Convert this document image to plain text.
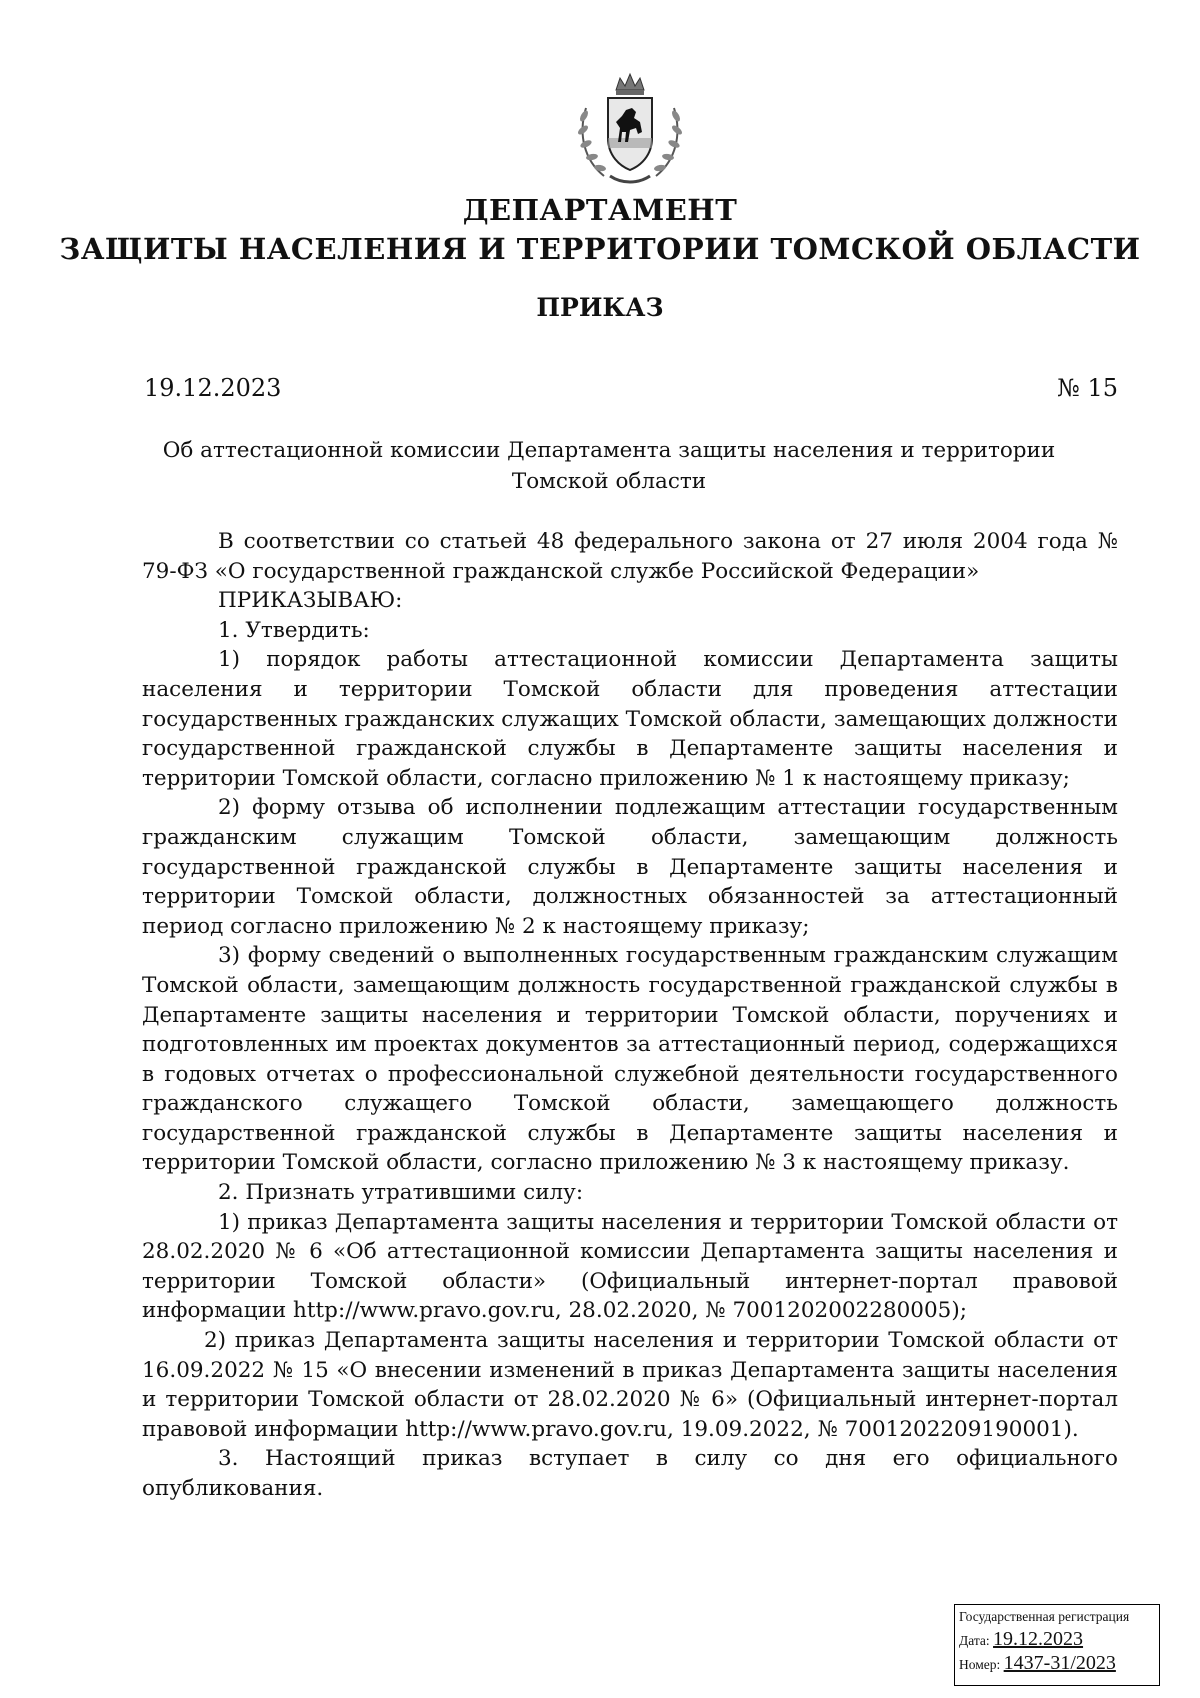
ДЕПАРТАМЕНТ
ЗАЩИТЫ НАСЕЛЕНИЯ И ТЕРРИТОРИИ ТОМСКОЙ ОБЛАСТИ
ПРИКАЗ
19.12.2023	№ 15
Об аттестационной комиссии Департамента защиты населения и территории Томской области

В соответствии со статьей 48 федерального закона от 27 июля 2004 года № 79-ФЗ «О государственной гражданской службе Российской Федерации»

ПРИКАЗЫВАЮ:

1. Утвердить:

1) порядок работы аттестационной комиссии Департамента защиты населения и территории Томской области для проведения аттестации государственных гражданских служащих Томской области, замещающих должности государственной гражданской службы в Департаменте защиты населения и территории Томской области, согласно приложению № 1 к настоящему приказу;

2) форму отзыва об исполнении подлежащим аттестации государственным гражданским служащим Томской области, замещающим должность государственной гражданской службы в Департаменте защиты населения и территории Томской области, должностных обязанностей за аттестационный период согласно приложению № 2 к настоящему приказу;

3) форму сведений о выполненных государственным гражданским служащим Томской области, замещающим должность государственной гражданской службы в Департаменте защиты населения и территории Томской области, поручениях и подготовленных им проектах документов за аттестационный период, содержащихся в годовых отчетах о профессиональной служебной деятельности государственного гражданского служащего Томской области, замещающего должность государственной гражданской службы в Департаменте защиты населения и территории Томской области, согласно приложению № 3 к настоящему приказу.

2. Признать утратившими силу:

1) приказ Департамента защиты населения и территории Томской области от 28.02.2020 № 6 «Об аттестационной комиссии Департамента защиты населения и территории Томской области» (Официальный интернет-портал правовой информации http://www.pravo.gov.ru, 28.02.2020, № 7001202002280005);

2) приказ Департамента защиты населения и территории Томской области от 16.09.2022 № 15 «О внесении изменений в приказ Департамента защиты населения и территории Томской области от 28.02.2020 № 6» (Официальный интернет-портал правовой информации http://www.pravo.gov.ru, 19.09.2022, № 7001202209190001).

3. Настоящий приказ вступает в силу со дня его официального опубликования.

Государственная регистрация
Дата: 19.12.2023
Номер: 1437-31/2023
